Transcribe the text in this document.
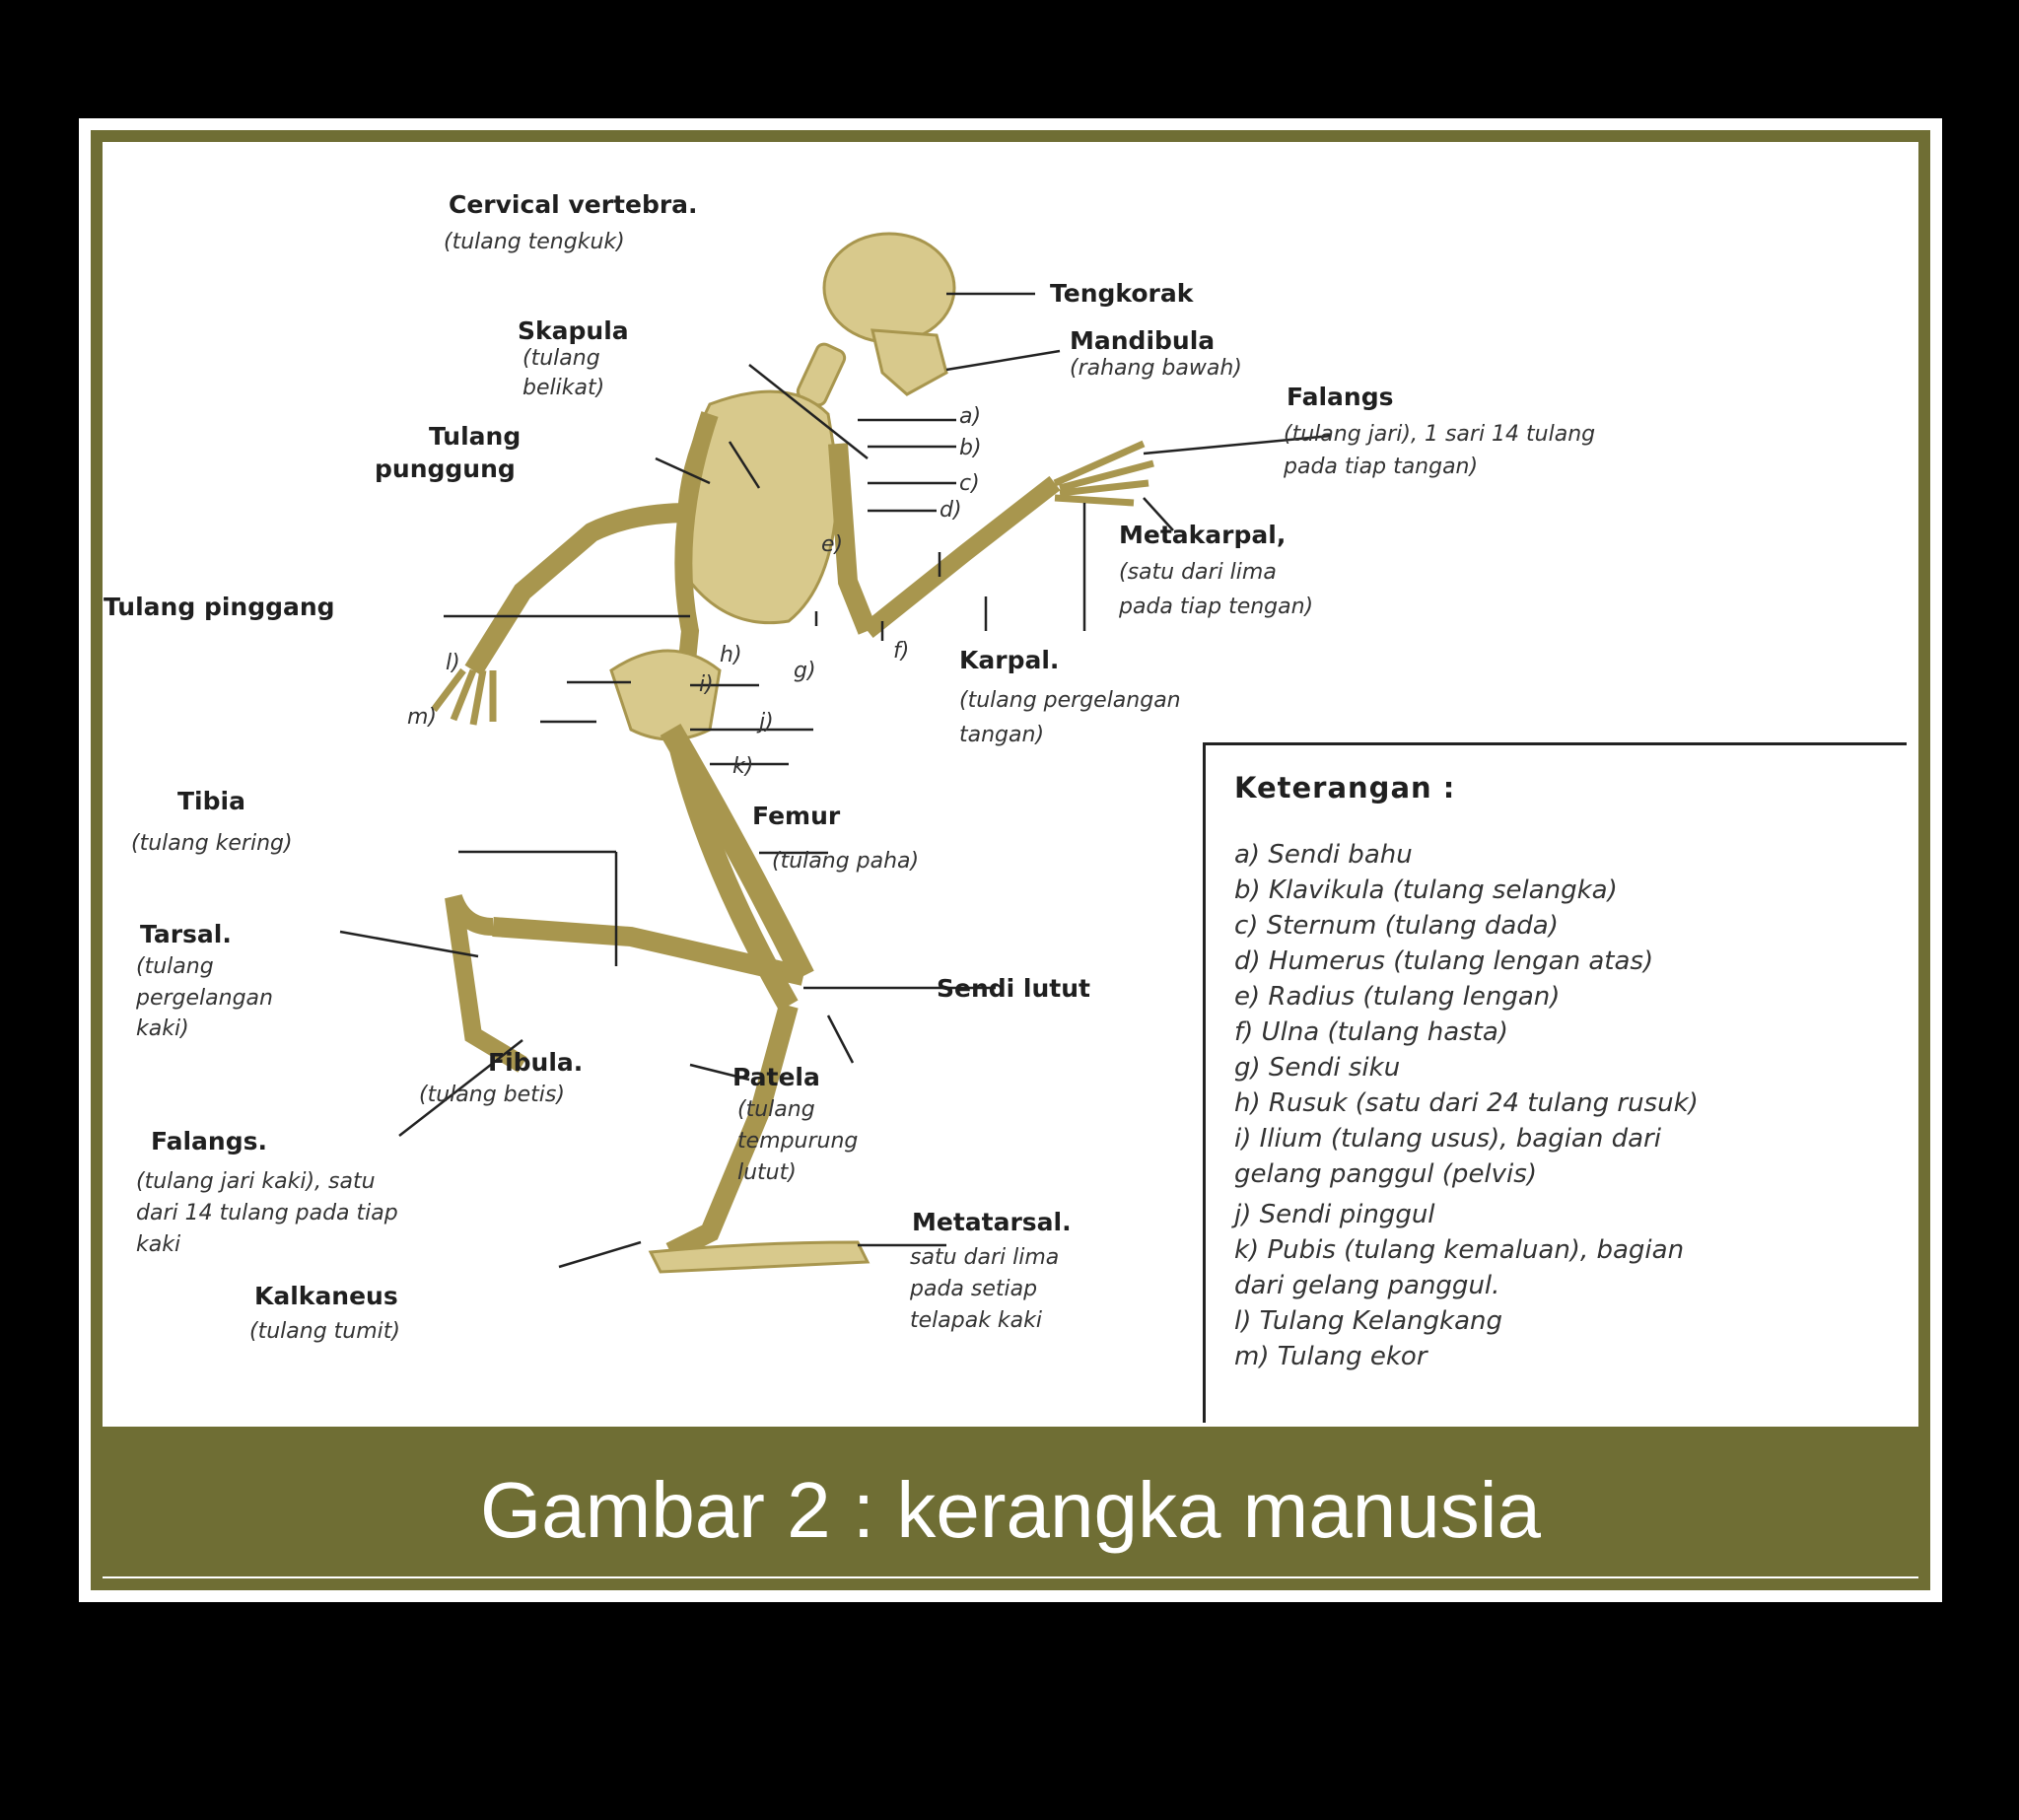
Gambar 2 : kerangka manusia
Cervical vertebra.
(tulang tengkuk)
Tengkorak
Mandibula
(rahang bawah)
Skapula
(tulang
belikat)
Tulang
punggung
Falangs
(tulang jari), 1 sari 14 tulang
pada tiap tangan)
Metakarpal,
(satu dari lima
pada tiap tengan)
Tulang pinggang
Karpal.
(tulang pergelangan
tangan)
Tibia
(tulang kering)
Femur
(tulang paha)
Tarsal.
(tulang
pergelangan
kaki)
Sendi lutut
Fibula.
(tulang betis)
Patela
(tulang
tempurung
lutut)
Falangs.
(tulang jari kaki), satu
dari 14 tulang pada tiap
kaki
Metatarsal.
satu dari lima
pada setiap
telapak kaki
Kalkaneus
(tulang tumit)
a)
b)
c)
d)
e)
f)
g)
h)
i)
j)
k)
l)
m)
Keterangan :
a) Sendi bahu
b) Klavikula (tulang selangka)
c) Sternum (tulang dada)
d) Humerus (tulang lengan atas)
e) Radius (tulang lengan)
f) Ulna (tulang hasta)
g) Sendi siku
h) Rusuk (satu dari 24 tulang rusuk)
i) Ilium (tulang usus), bagian dari
gelang panggul (pelvis)
j) Sendi pinggul
k) Pubis (tulang kemaluan), bagian
dari gelang panggul.
l) Tulang Kelangkang
m) Tulang ekor
